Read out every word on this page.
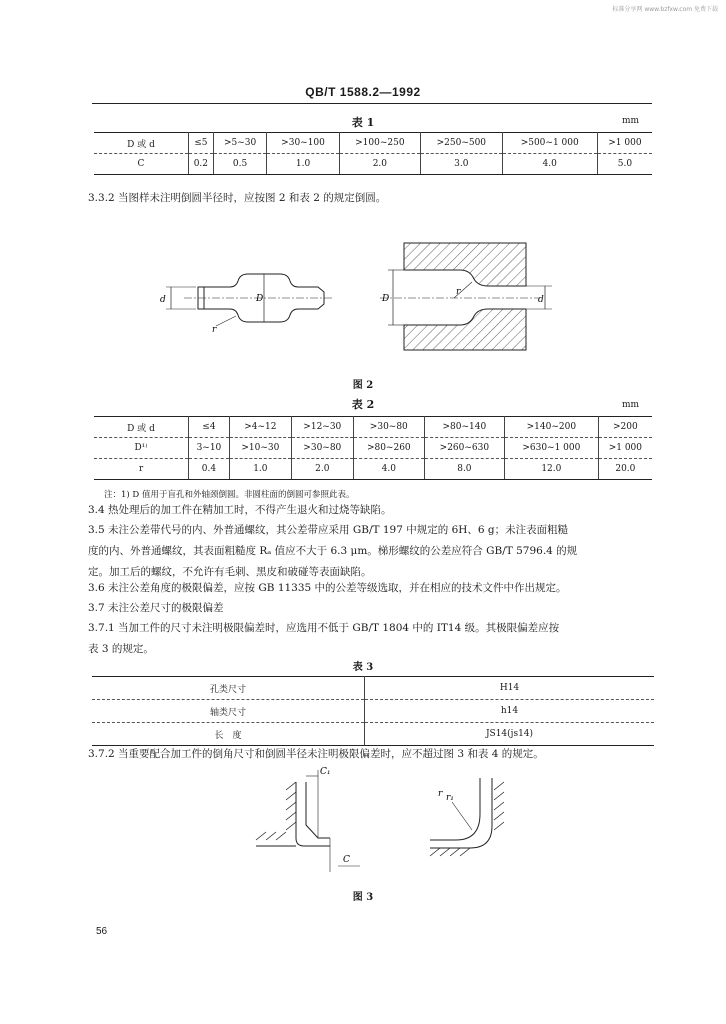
标准分享网 www.bzfxw.com 免费下载
QB/T 1588.2—1992
表 1	mm
D 或 d	≤5	>5~30	>30~100	>100~250	>250~500	>500~1 000	>1 000
C	0.2	0.5	1.0	2.0	3.0	4.0	5.0
3.3.2 当图样未注明倒圆半径时，应按图 2 和表 2 的规定倒圆。
d	D
r
D
r
d
C₁
C
r₁
r
图 2
表 2	mm
D 或 d	≤4	>4~12	>12~30	>30~80	>80~140	>140~200	>200
D¹⁾	3~10	>10~30	>30~80	>80~260	>260~630	>630~1 000	>1 000
r	0.4	1.0	2.0	4.0	8.0	12.0	20.0
注：1) D 值用于盲孔和外轴颈倒圆。非圆柱面的倒圆可参照此表。
3.4 热处理后的加工件在精加工时，不得产生退火和过烧等缺陷。
3.5 未注公差带代号的内、外普通螺纹，其公差带应采用 GB/T 197 中规定的 6H、6 g；未注表面粗糙
度的内、外普通螺纹，其表面粗糙度 Rₐ 值应不大于 6.3 μm。梯形螺纹的公差应符合 GB/T 5796.4 的规
定。加工后的螺纹，不允许有毛刺、黑皮和破碰等表面缺陷。
3.6 未注公差角度的极限偏差，应按 GB 11335 中的公差等级选取，并在相应的技术文件中作出规定。
3.7 未注公差尺寸的极限偏差
3.7.1 当加工件的尺寸未注明极限偏差时，应选用不低于 GB/T 1804 中的 IT14 级。其极限偏差应按
表 3 的规定。
表 3
孔类尺寸	H14
轴类尺寸	h14
长　度	JS14(js14)
3.7.2 当重要配合加工件的倒角尺寸和倒圆半径未注明极限偏差时，应不超过图 3 和表 4 的规定。
图 3
56
